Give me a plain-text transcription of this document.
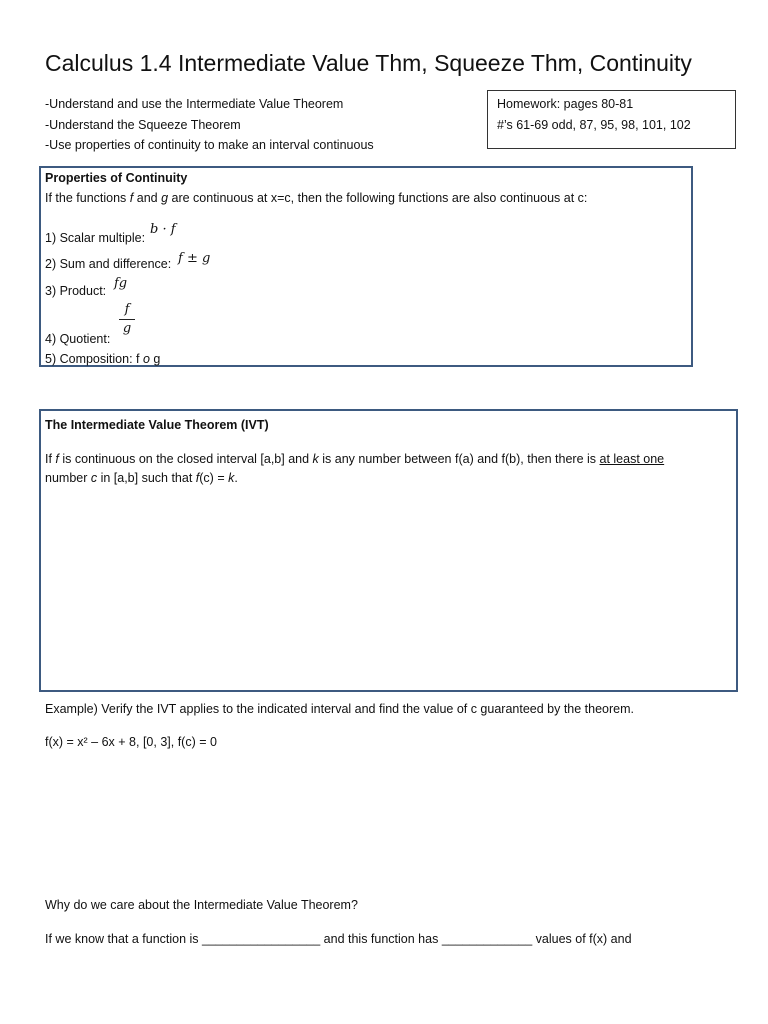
Calculus 1.4 Intermediate Value Thm, Squeeze Thm, Continuity
-Understand and use the Intermediate Value Theorem
-Understand the Squeeze Theorem
-Use properties of continuity to make an interval continuous
Homework: pages 80-81
#’s 61-69 odd, 87, 95, 98, 101, 102
Properties of Continuity
If the functions f and g are continuous at x=c, then the following functions are also continuous at c:
1) Scalar multiple:
b · f
2) Sum and difference: f ± g
3) Product: fg
f
g
4) Quotient:
5) Composition: f o g
The Intermediate Value Theorem (IVT)
If f is continuous on the closed interval [a,b] and k is any number between f(a) and f(b), then there is at least one
number c in [a,b] such that f(c) = k.
Example) Verify the IVT applies to the indicated interval and find the value of c guaranteed by the theorem.
f(x) = x² – 6x + 8, [0, 3], f(c) = 0
Why do we care about the Intermediate Value Theorem?
If we know that a function is _________________ and this function has _____________ values of f(x) and
